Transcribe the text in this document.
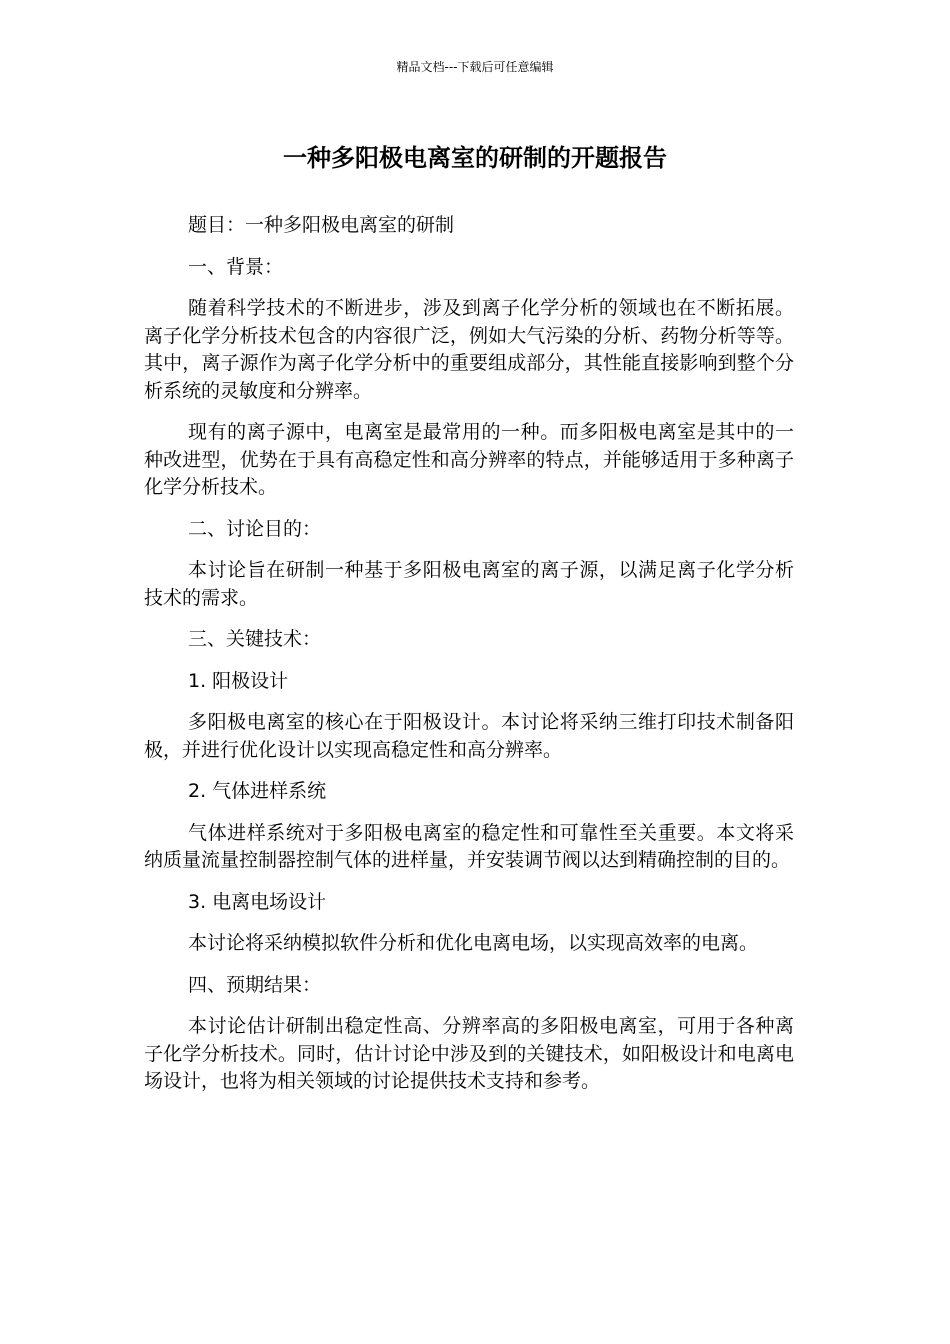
精品文档---下载后可任意编辑
一种多阳极电离室的研制的开题报告

题目：一种多阳极电离室的研制

一、背景：

随着科学技术的不断进步，涉及到离子化学分析的领域也在不断拓展。离子化学分析技术包含的内容很广泛，例如大气污染的分析、药物分析等等。其中，离子源作为离子化学分析中的重要组成部分，其性能直接影响到整个分析系统的灵敏度和分辨率。

现有的离子源中，电离室是最常用的一种。而多阳极电离室是其中的一种改进型，优势在于具有高稳定性和高分辨率的特点，并能够适用于多种离子化学分析技术。

二、讨论目的：

本讨论旨在研制一种基于多阳极电离室的离子源，以满足离子化学分析技术的需求。

三、关键技术：

1. 阳极设计

多阳极电离室的核心在于阳极设计。本讨论将采纳三维打印技术制备阳极，并进行优化设计以实现高稳定性和高分辨率。

2. 气体进样系统

气体进样系统对于多阳极电离室的稳定性和可靠性至关重要。本文将采纳质量流量控制器控制气体的进样量，并安装调节阀以达到精确控制的目的。

3. 电离电场设计

本讨论将采纳模拟软件分析和优化电离电场，以实现高效率的电离。

四、预期结果：

本讨论估计研制出稳定性高、分辨率高的多阳极电离室，可用于各种离子化学分析技术。同时，估计讨论中涉及到的关键技术，如阳极设计和电离电场设计，也将为相关领域的讨论提供技术支持和参考。
